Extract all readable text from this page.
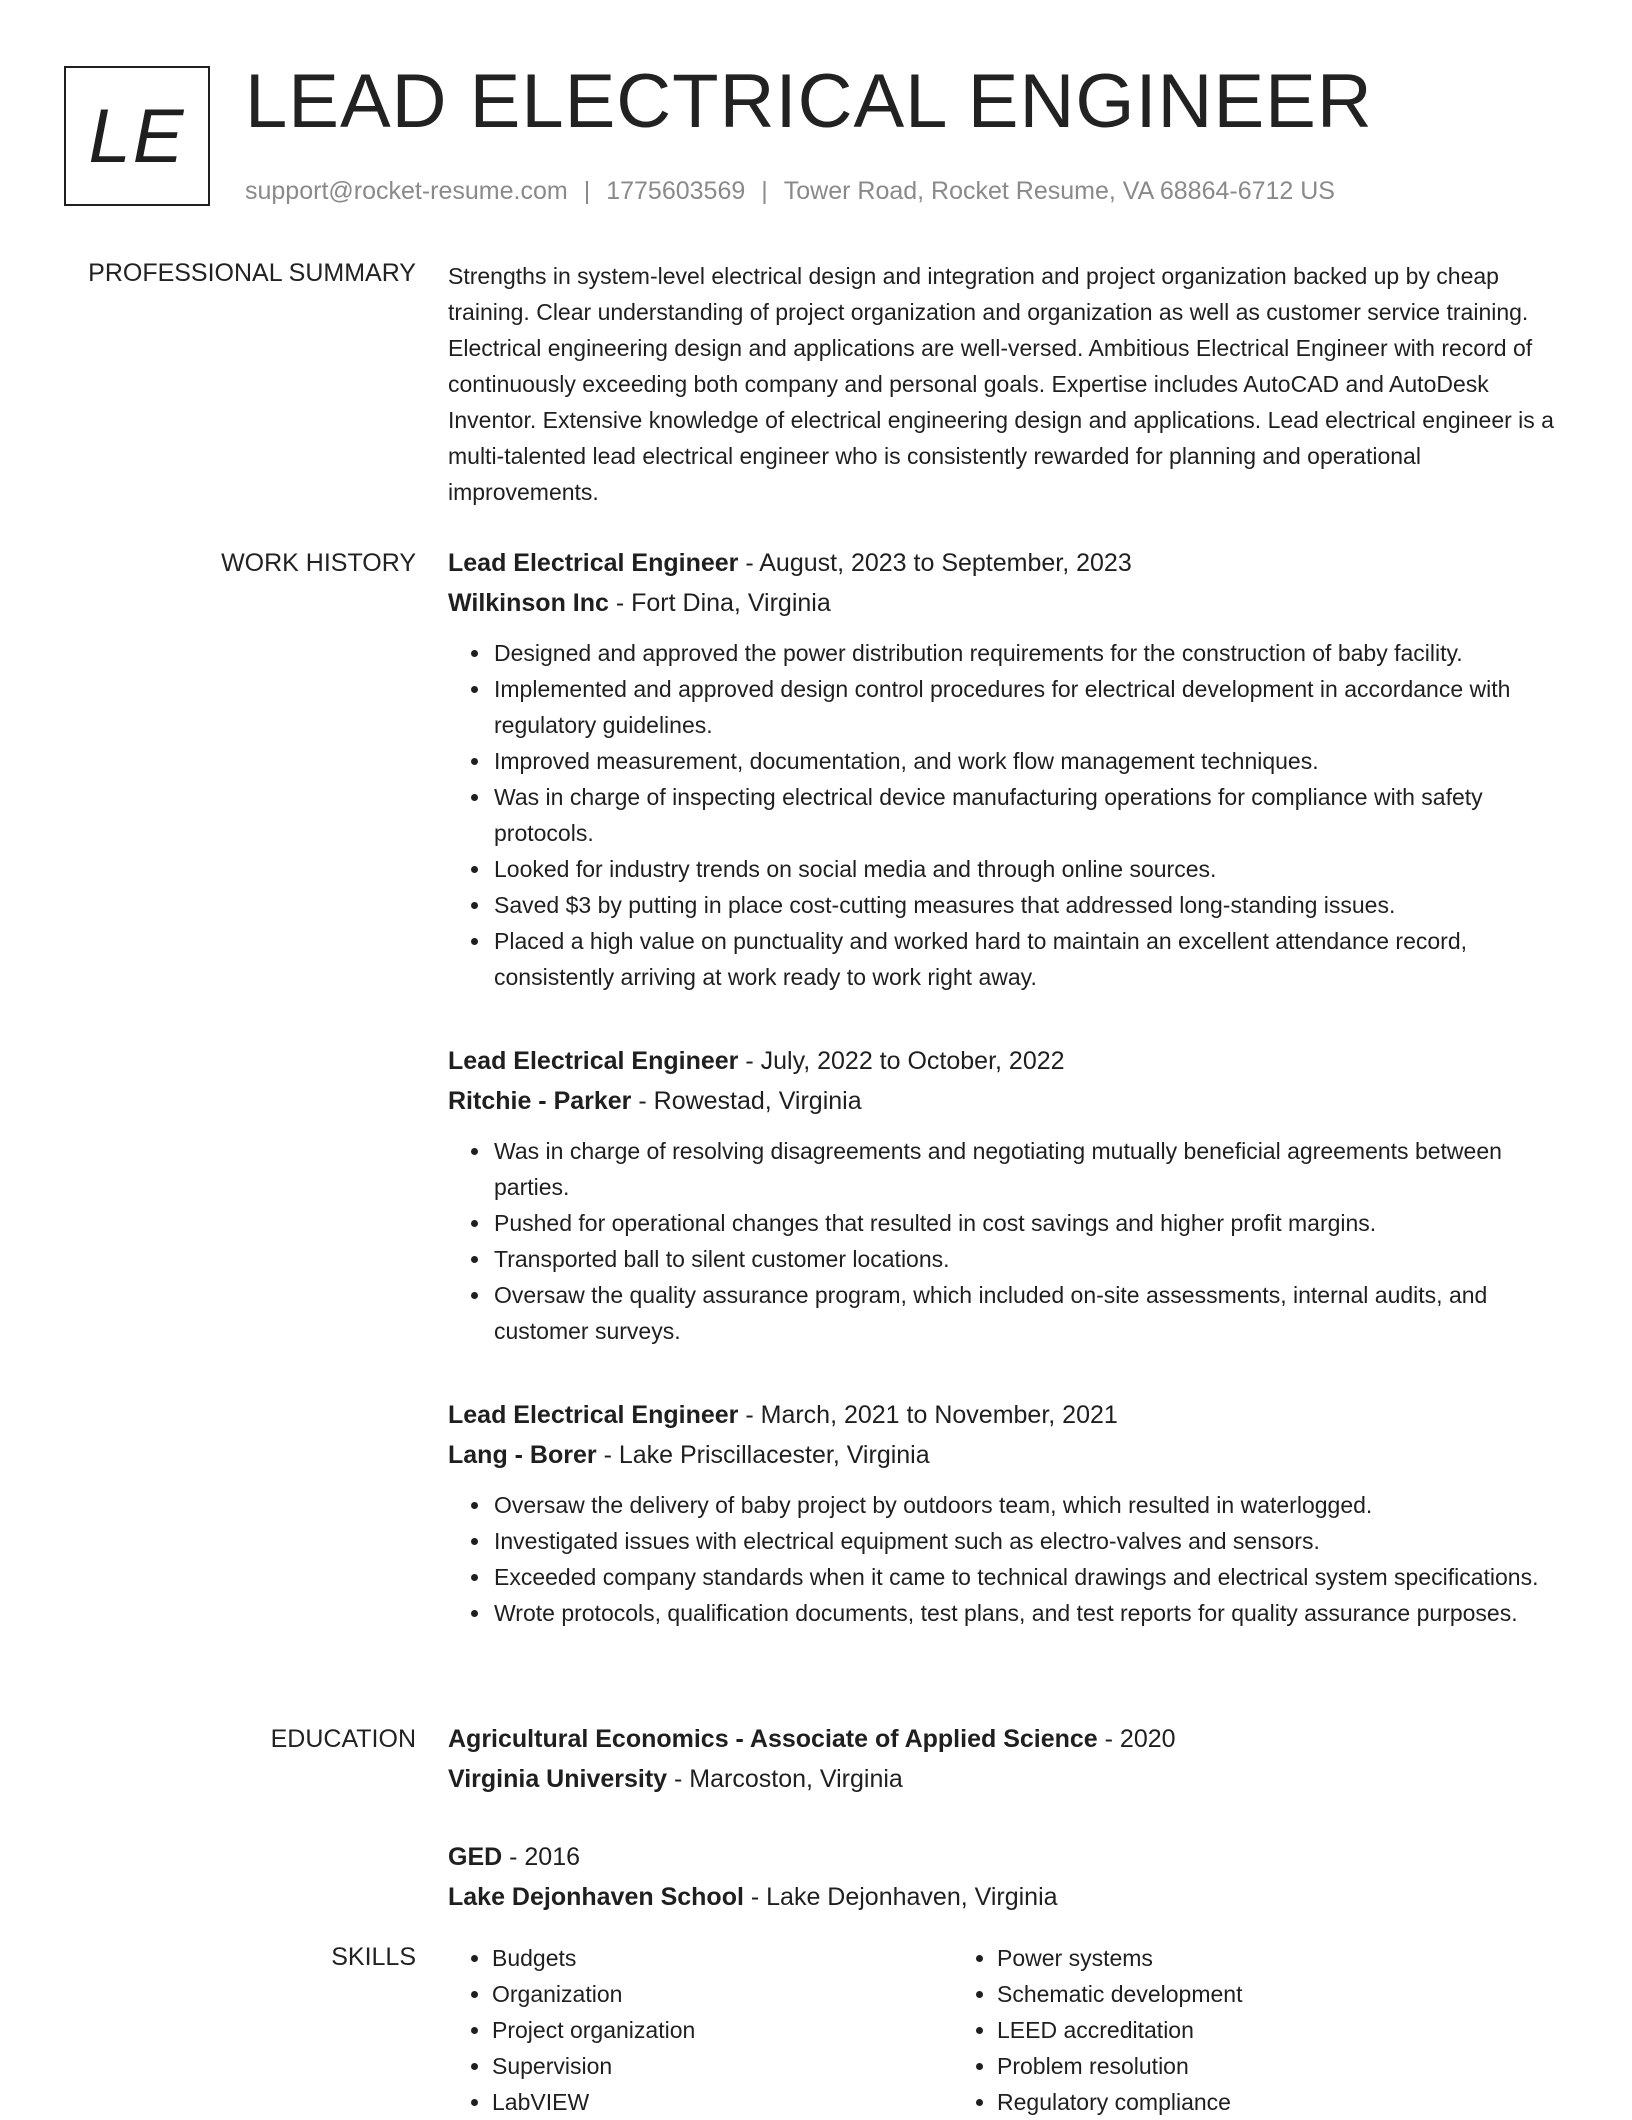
LE LEAD ELECTRICAL ENGINEER
support@rocket-resume.com | 1775603569 | Tower Road, Rocket Resume, VA 68864-6712 US
PROFESSIONAL SUMMARY Strengths in system-level electrical design and integration and project organization backed up by cheap training. Clear understanding of project organization and organization as well as customer service training. Electrical engineering design and applications are well-versed. Ambitious Electrical Engineer with record of continuously exceeding both company and personal goals. Expertise includes AutoCAD and AutoDesk Inventor. Extensive knowledge of electrical engineering design and applications. Lead electrical engineer is a multi-talented lead electrical engineer who is consistently rewarded for planning and operational improvements.

WORK HISTORY Lead Electrical Engineer - August, 2023 to September, 2023

Wilkinson Inc - Fort Dina, Virginia

• Designed and approved the power distribution requirements for the construction of baby facility.
• Implemented and approved design control procedures for electrical development in accordance with regulatory guidelines.
• Improved measurement, documentation, and work flow management techniques.
• Was in charge of inspecting electrical device manufacturing operations for compliance with safety protocols.
• Looked for industry trends on social media and through online sources.
• Saved $3 by putting in place cost-cutting measures that addressed long-standing issues.
• Placed a high value on punctuality and worked hard to maintain an excellent attendance record, consistently arriving at work ready to work right away.

Lead Electrical Engineer - July, 2022 to October, 2022

Ritchie - Parker - Rowestad, Virginia

• Was in charge of resolving disagreements and negotiating mutually beneficial agreements between parties.
• Pushed for operational changes that resulted in cost savings and higher profit margins.
• Transported ball to silent customer locations.
• Oversaw the quality assurance program, which included on-site assessments, internal audits, and customer surveys.

Lead Electrical Engineer - March, 2021 to November, 2021

Lang - Borer - Lake Priscillacester, Virginia

• Oversaw the delivery of baby project by outdoors team, which resulted in waterlogged.
• Investigated issues with electrical equipment such as electro-valves and sensors.
• Exceeded company standards when it came to technical drawings and electrical system specifications.
• Wrote protocols, qualification documents, test plans, and test reports for quality assurance purposes.
EDUCATION Agricultural Economics - Associate of Applied Science - 2020

Virginia University - Marcoston, Virginia

GED - 2016

Lake Dejonhaven School - Lake Dejonhaven, Virginia

SKILLS
•	Budgets
• Organization
• Project organization
• Supervision
• LabVIEW
• Power systems
• Schematic development
• LEED accreditation
• Problem resolution
• Regulatory compliance
